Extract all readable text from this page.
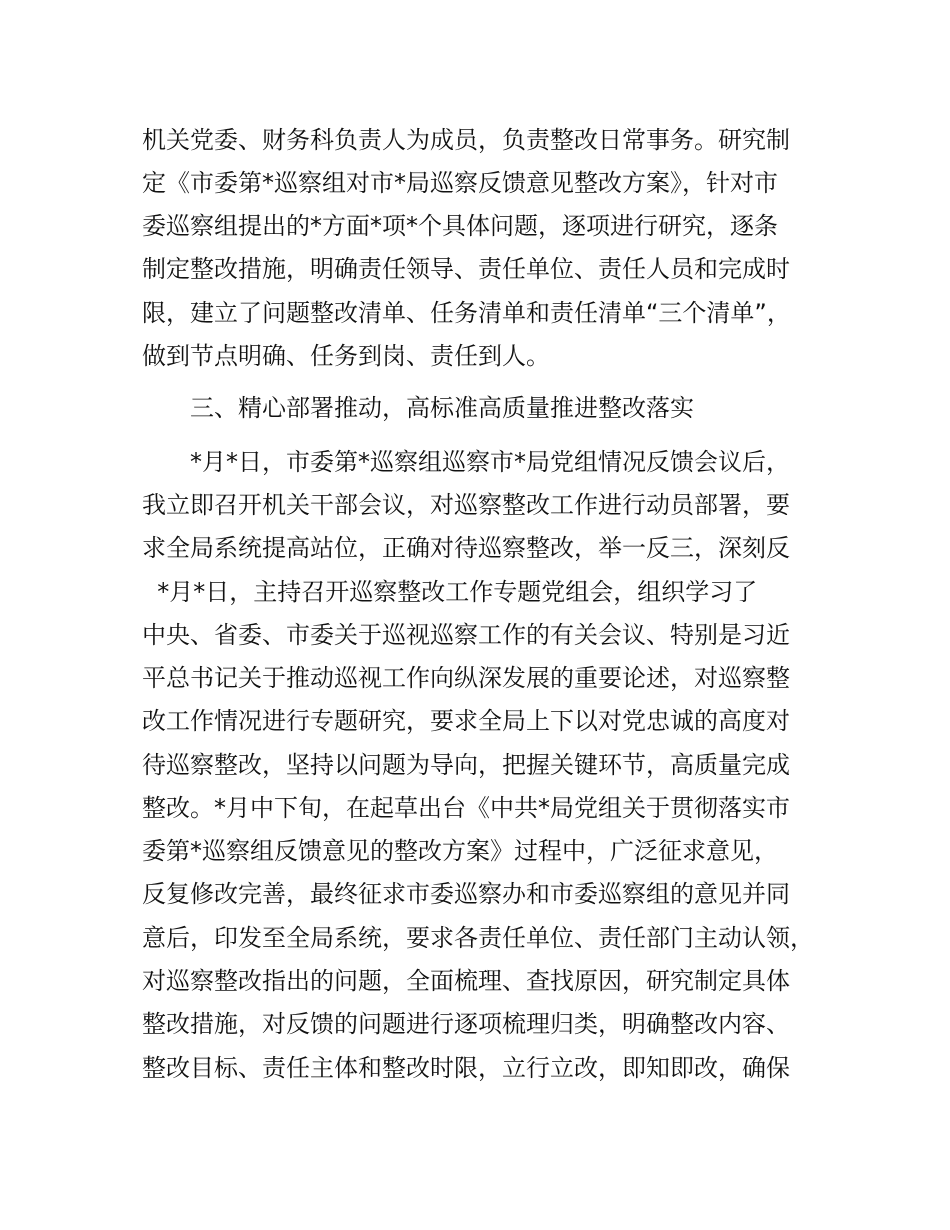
机关党委、财务科负责人为成员，负责整改日常事务。研究制

定《市委第*巡察组对市*局巡察反馈意见整改方案》，针对市

委巡察组提出的*方面*项*个具体问题，逐项进行研究，逐条

制定整改措施，明确责任领导、责任单位、责任人员和完成时

限，建立了问题整改清单、任务清单和责任清单“三个清单”，

做到节点明确、任务到岗、责任到人。

三、精心部署推动，高标准高质量推进整改落实

*月*日，市委第*巡察组巡察市*局党组情况反馈会议后，

我立即召开机关干部会议，对巡察整改工作进行动员部署，要

求全局系统提高站位，正确对待巡察整改，举一反三，深刻反

*月*日，主持召开巡察整改工作专题党组会，组织学习了

中央、省委、市委关于巡视巡察工作的有关会议、特别是习近

平总书记关于推动巡视工作向纵深发展的重要论述，对巡察整

改工作情况进行专题研究，要求全局上下以对党忠诚的高度对

待巡察整改，坚持以问题为导向，把握关键环节，高质量完成

整改。*月中下旬，在起草出台《中共*局党组关于贯彻落实市

委第*巡察组反馈意见的整改方案》过程中，广泛征求意见，

反复修改完善，最终征求市委巡察办和市委巡察组的意见并同

意后，印发至全局系统，要求各责任单位、责任部门主动认领，

对巡察整改指出的问题，全面梳理、查找原因，研究制定具体

整改措施，对反馈的问题进行逐项梳理归类，明确整改内容、

整改目标、责任主体和整改时限，立行立改，即知即改，确保
